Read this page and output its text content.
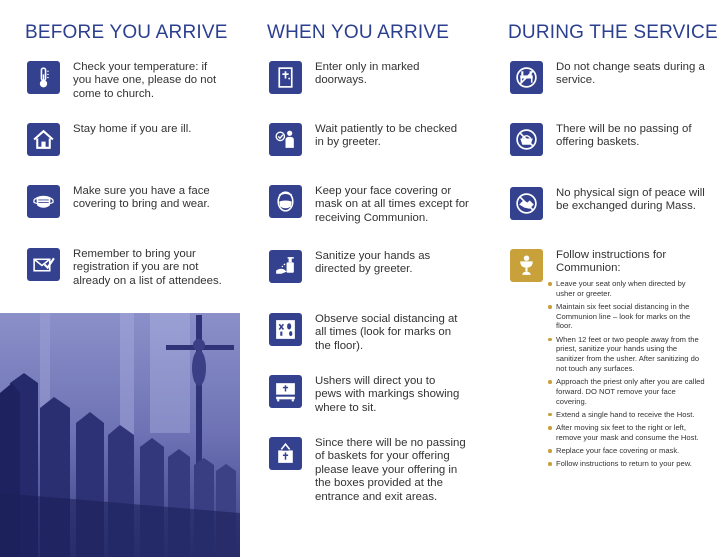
BEFORE YOU ARRIVE WHEN YOU ARRIVE	DURING THE SERVICE
Check your temperature: if you have one, please do not come to church.
Stay home if you are ill.
Make sure you have a face covering to bring and wear.
Remember to bring your registration if you are not already on a list of attendees.
Enter only in marked doorways.
Wait patiently to be checked in by greeter.
Keep your face covering or mask on at all times except for receiving Communion.
Sanitize your hands as directed by greeter.
Observe social distancing at all times (look for marks on the floor).
Ushers will direct you to pews with markings showing where to sit.
Since there will be no passing of baskets for your offering please leave your offering in the boxes provided at the entrance and exit areas.
Do not change seats during a service.
There will be no passing of offering baskets.
No physical sign of peace will be exchanged during Mass.
Follow instructions for Communion:
Leave your seat only when directed by usher or greeter.
Maintain six feet social distancing in the Communion line – look for marks on the floor.
When 12 feet or two people away from the priest, sanitize your hands using the sanitizer from the usher. After sanitizing do not touch any surfaces.
Approach the priest only after you are called forward. DO NOT remove your face covering.
Extend a single hand to receive the Host.
After moving six feet to the right or left, remove your mask and consume the Host.
Replace your face covering or mask.
Follow instructions to return to your pew.
